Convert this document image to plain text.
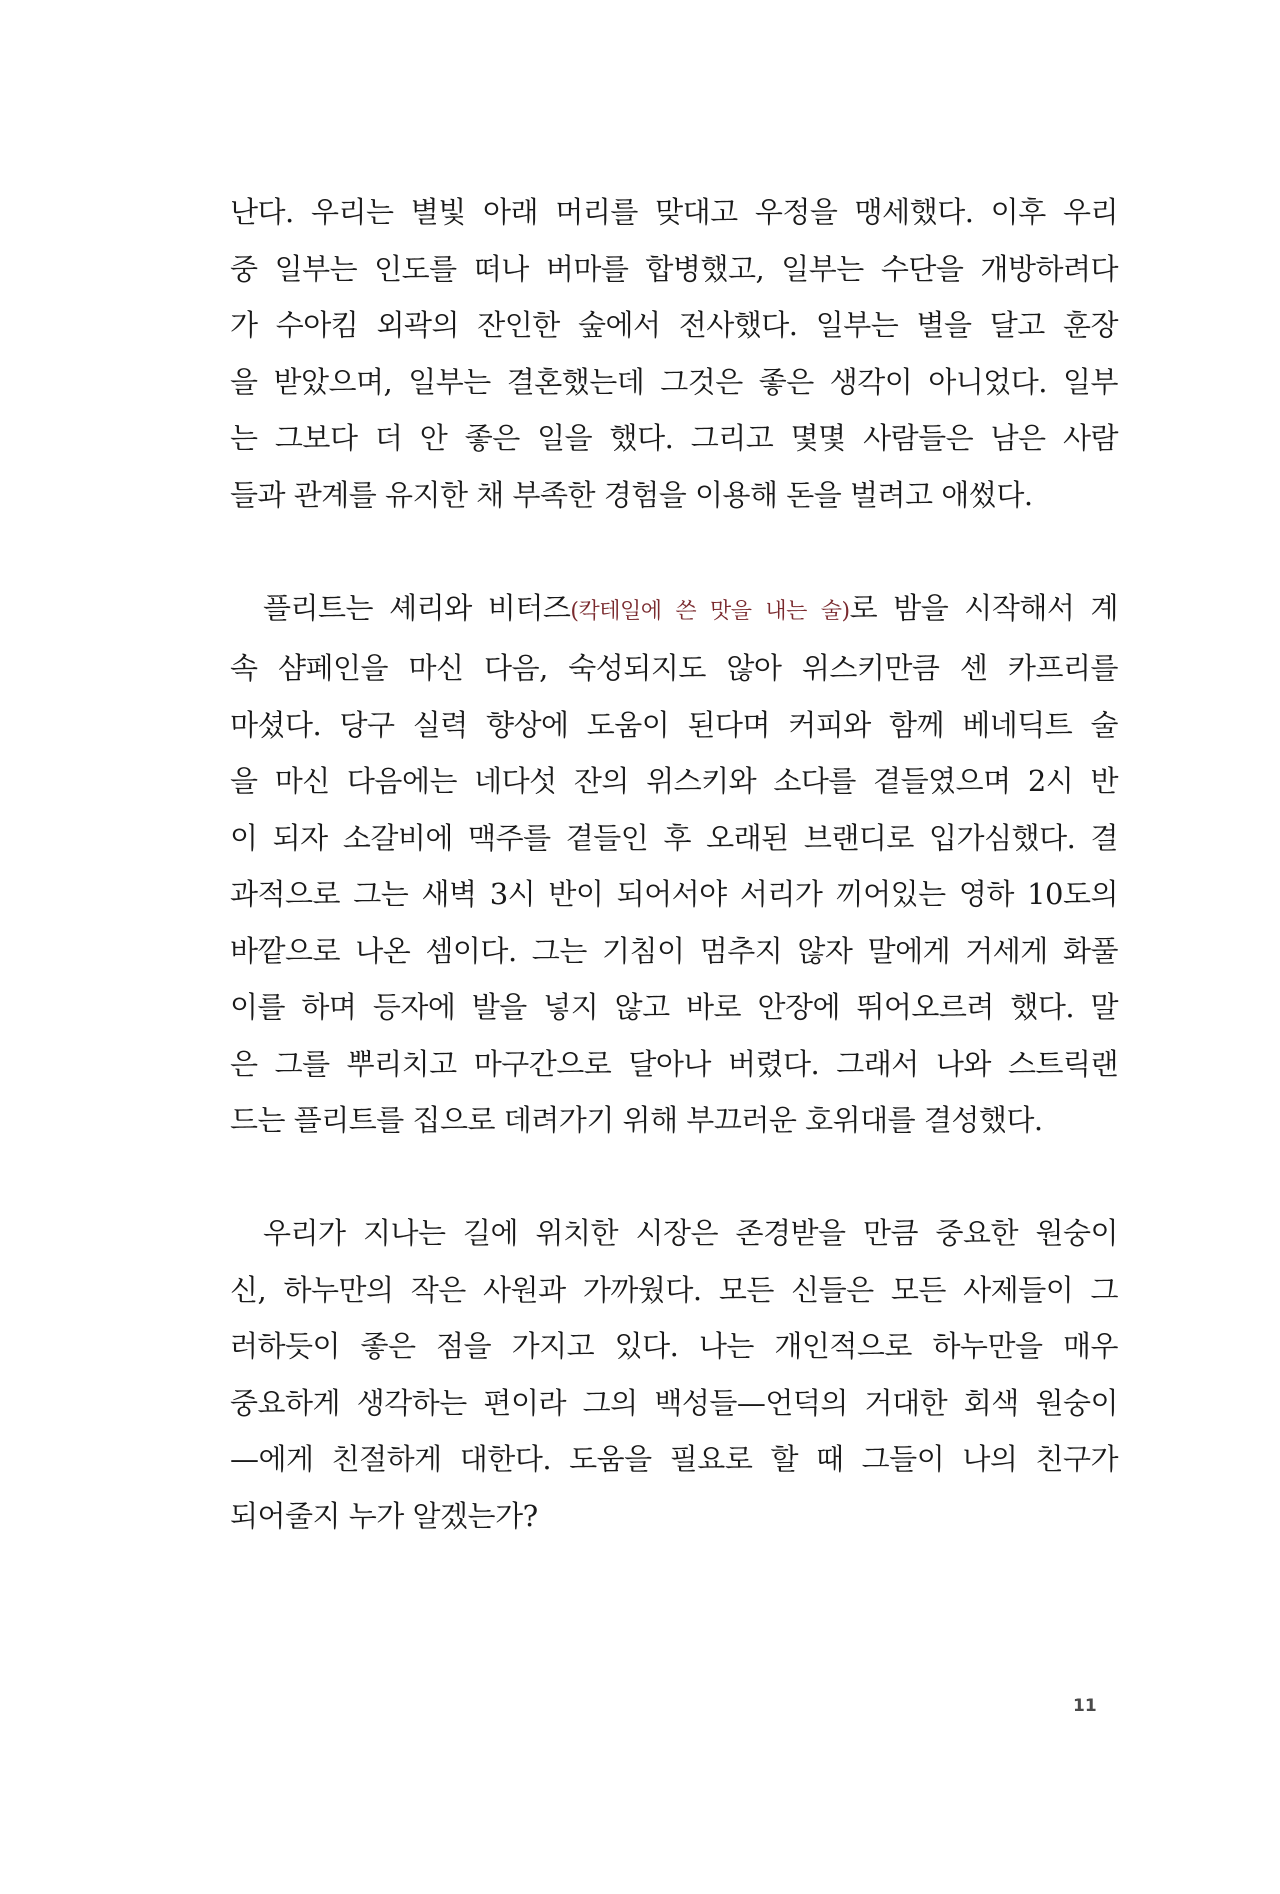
난다. 우리는 별빛 아래 머리를 맞대고 우정을 맹세했다. 이후 우리
중 일부는 인도를 떠나 버마를 합병했고, 일부는 수단을 개방하려다
가 수아킴 외곽의 잔인한 숲에서 전사했다. 일부는 별을 달고 훈장
을 받았으며, 일부는 결혼했는데 그것은 좋은 생각이 아니었다. 일부
는 그보다 더 안 좋은 일을 했다. 그리고 몇몇 사람들은 남은 사람
들과 관계를 유지한 채 부족한 경험을 이용해 돈을 벌려고 애썼다.

플리트는 셰리와 비터즈(칵테일에 쓴 맛을 내는 술)로 밤을 시작해서 계
속 샴페인을 마신 다음, 숙성되지도 않아 위스키만큼 센 카프리를
마셨다. 당구 실력 향상에 도움이 된다며 커피와 함께 베네딕트 술
을 마신 다음에는 네다섯 잔의 위스키와 소다를 곁들였으며 2시 반
이 되자 소갈비에 맥주를 곁들인 후 오래된 브랜디로 입가심했다. 결
과적으로 그는 새벽 3시 반이 되어서야 서리가 끼어있는 영하 10도의
바깥으로 나온 셈이다. 그는 기침이 멈추지 않자 말에게 거세게 화풀
이를 하며 등자에 발을 넣지 않고 바로 안장에 뛰어오르려 했다. 말
은 그를 뿌리치고 마구간으로 달아나 버렸다. 그래서 나와 스트릭랜
드는 플리트를 집으로 데려가기 위해 부끄러운 호위대를 결성했다.

우리가 지나는 길에 위치한 시장은 존경받을 만큼 중요한 원숭이
신, 하누만의 작은 사원과 가까웠다. 모든 신들은 모든 사제들이 그
러하듯이 좋은 점을 가지고 있다. 나는 개인적으로 하누만을 매우
중요하게 생각하는 편이라 그의 백성들—언덕의 거대한 회색 원숭이
—에게 친절하게 대한다. 도움을 필요로 할 때 그들이 나의 친구가
되어줄지 누가 알겠는가?

11
